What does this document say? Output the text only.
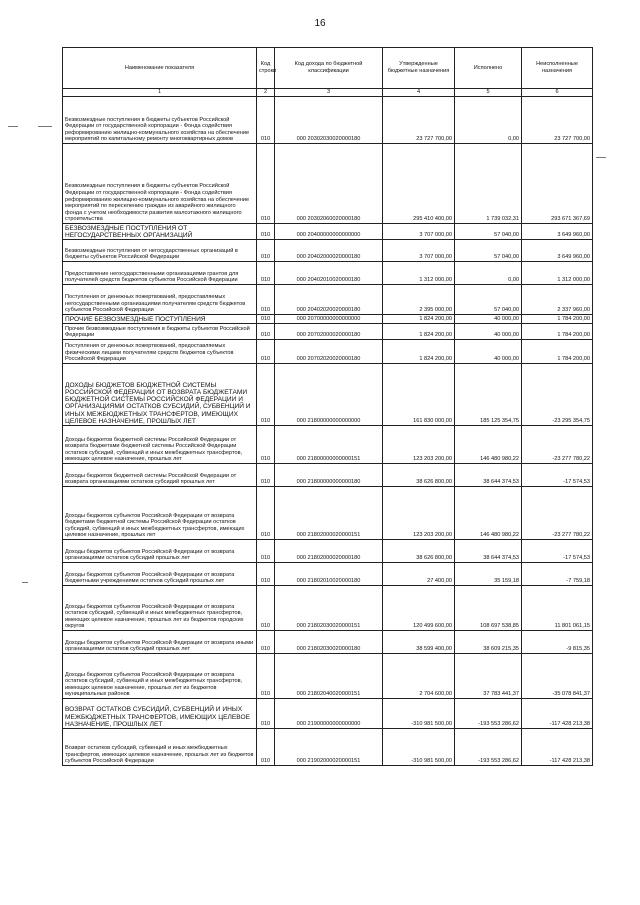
16
Наименование показателя	Код строки	Код дохода по бюджетной классификации	Утвержденные бюджетные назначения	Исполнено	Неисполненные назначения
1	2	3	4	5	6
Безвозмездные поступления в бюджеты субъектов Российской Федерации от государственной корпорации - Фонда содействия реформированию жилищно-коммунального хозяйства на обеспечение мероприятий по капитальному ремонту многоквартирных домов	010	000 20302030020000180	23 727 700,00	0,00	23 727 700,00
Безвозмездные поступления в бюджеты субъектов Российской Федерации от государственной корпорации - Фонда содействия реформированию жилищно-коммунального хозяйства на обеспечение мероприятий по переселению граждан из аварийного жилищного фонда с учетом необходимости развития малоэтажного жилищного строительства	010	000 20302060020000180	295 410 400,00	1 739 032,31	293 671 367,69
БЕЗВОЗМЕЗДНЫЕ ПОСТУПЛЕНИЯ ОТ НЕГОСУДАРСТВЕННЫХ ОРГАНИЗАЦИЙ	010	000 20400000000000000	3 707 000,00	57 040,00	3 649 960,00
Безвозмездные поступления от негосударственных организаций в бюджеты субъектов Российской Федерации	010	000 20402000020000180	3 707 000,00	57 040,00	3 649 960,00
Предоставление негосударственными организациями грантов для получателей средств бюджетов субъектов Российской Федерации	010	000 20402010020000180	1 312 000,00	0,00	1 312 000,00
Поступления от денежных пожертвований, предоставляемых негосударственными организациями получателям средств бюджетов субъектов Российской Федерации	010	000 20402020020000180	2 395 000,00	57 040,00	2 337 960,00
ПРОЧИЕ БЕЗВОЗМЕЗДНЫЕ ПОСТУПЛЕНИЯ	010	000 20700000000000000	1 824 200,00	40 000,00	1 784 200,00
Прочие безвозмездные поступления в бюджеты субъектов Российской Федерации	010	000 20702000020000180	1 824 200,00	40 000,00	1 784 200,00
Поступления от денежных пожертвований, предоставляемых физическими лицами получателям средств бюджетов субъектов Российской Федерации	010	000 20702020020000180	1 824 200,00	40 000,00	1 784 200,00
ДОХОДЫ БЮДЖЕТОВ БЮДЖЕТНОЙ СИСТЕМЫ РОССИЙСКОЙ ФЕДЕРАЦИИ ОТ ВОЗВРАТА БЮДЖЕТАМИ БЮДЖЕТНОЙ СИСТЕМЫ РОССИЙСКОЙ ФЕДЕРАЦИИ И ОРГАНИЗАЦИЯМИ ОСТАТКОВ СУБСИДИЙ, СУБВЕНЦИЙ И ИНЫХ МЕЖБЮДЖЕТНЫХ ТРАНСФЕРТОВ, ИМЕЮЩИХ ЦЕЛЕВОЕ НАЗНАЧЕНИЕ, ПРОШЛЫХ ЛЕТ	010	000 21800000000000000	161 830 000,00	185 125 354,75	-23 295 354,75
Доходы бюджетов бюджетной системы Российской Федерации от возврата бюджетами бюджетной системы Российской Федерации остатков субсидий, субвенций и иных межбюджетных трансфертов, имеющих целевое назначение, прошлых лет	010	000 21800000000000151	123 203 200,00	146 480 980,22	-23 277 780,22
Доходы бюджетов бюджетной системы Российской Федерации от возврата организациями остатков субсидий прошлых лет	010	000 21800000000000180	38 626 800,00	38 644 374,53	-17 574,53
Доходы бюджетов субъектов Российской Федерации от возврата бюджетами бюджетной системы Российской Федерации остатков субсидий, субвенций и иных межбюджетных трансфертов, имеющих целевое назначение, прошлых лет	010	000 21802000020000151	123 203 200,00	146 480 980,22	-23 277 780,22
Доходы бюджетов субъектов Российской Федерации от возврата организациями остатков субсидий прошлых лет	010	000 21802000020000180	38 626 800,00	38 644 374,53	-17 574,53
Доходы бюджетов субъектов Российской Федерации от возврата бюджетными учреждениями остатков субсидий прошлых лет	010	000 21802010020000180	27 400,00	35 159,18	-7 759,18
Доходы бюджетов субъектов Российской Федерации от возврата остатков субсидий, субвенций и иных межбюджетных трансфертов, имеющих целевое назначение, прошлых лет из бюджетов городских округов	010	000 21802030020000151	120 499 600,00	108 697 538,85	11 801 061,15
Доходы бюджетов субъектов Российской Федерации от возврата иными организациями остатков субсидий прошлых лет	010	000 21802030020000180	38 599 400,00	38 609 215,35	-9 815,35
Доходы бюджетов субъектов Российской Федерации от возврата остатков субсидий, субвенций и иных межбюджетных трансфертов, имеющих целевое назначение, прошлых лет из бюджетов муниципальных районов	010	000 21802040020000151	2 704 600,00	37 783 441,37	-35 078 841,37
ВОЗВРАТ ОСТАТКОВ СУБСИДИЙ, СУБВЕНЦИЙ И ИНЫХ МЕЖБЮДЖЕТНЫХ ТРАНСФЕРТОВ, ИМЕЮЩИХ ЦЕЛЕВОЕ НАЗНАЧЕНИЕ, ПРОШЛЫХ ЛЕТ	010	000 21900000000000000	-310 981 500,00	-193 553 286,62	-117 428 213,38
Возврат остатков субсидий, субвенций и иных межбюджетных трансфертов, имеющих целевое назначение, прошлых лет из бюджетов субъектов Российской Федерации	010	000 21902000020000151	-310 981 500,00	-193 553 286,62	-117 428 213,38
